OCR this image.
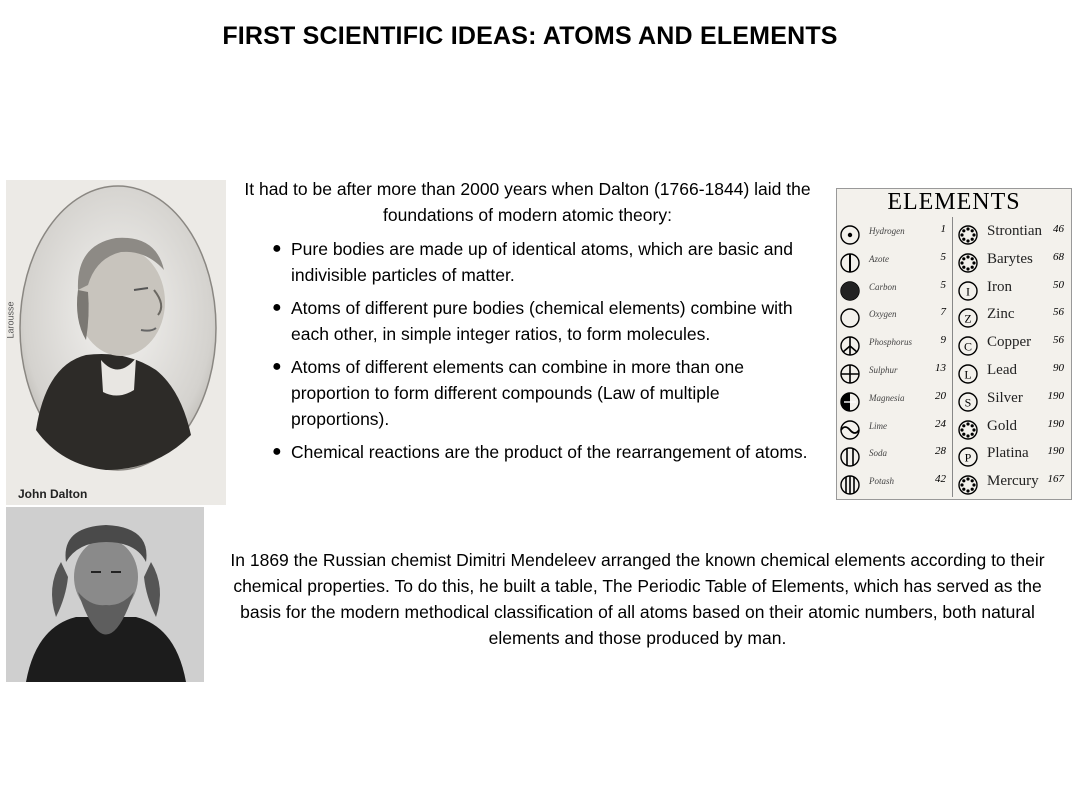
FIRST SCIENTIFIC IDEAS: ATOMS AND ELEMENTS
Larousse
John Dalton
It had to be after more than 2000 years when Dalton (1766-1844) laid the foundations of modern atomic theory:
● Pure bodies are made up of identical atoms, which are basic and indivisible particles of matter.
● Atoms of different pure bodies (chemical elements) combine with each other, in simple integer ratios, to form molecules.
● Atoms of different elements can combine in more than one proportion to form different compounds (Law of multiple proportions).
● Chemical reactions are the product of the rearrangement of atoms.
ELEMENTS
Hydrogen	1
Azote	5
Carbon	5
Oxygen	7
Phosphorus	9
Sulphur	13
Magnesia	20
Lime	24
Soda	28
Potash	42
Strontian 46
Barytes 68
I Iron	50
Z Zinc	56
C Copper 56
L Lead	90
S Silver 190
Gold	190
P Platina 190
Mercury 167
In 1869 the Russian chemist Dimitri Mendeleev arranged the known chemical elements according to their chemical properties. To do this, he built a table, The Periodic Table of Elements, which has served as the basis for the modern methodical classification of all atoms based on their atomic numbers, both natural elements and those produced by man.
